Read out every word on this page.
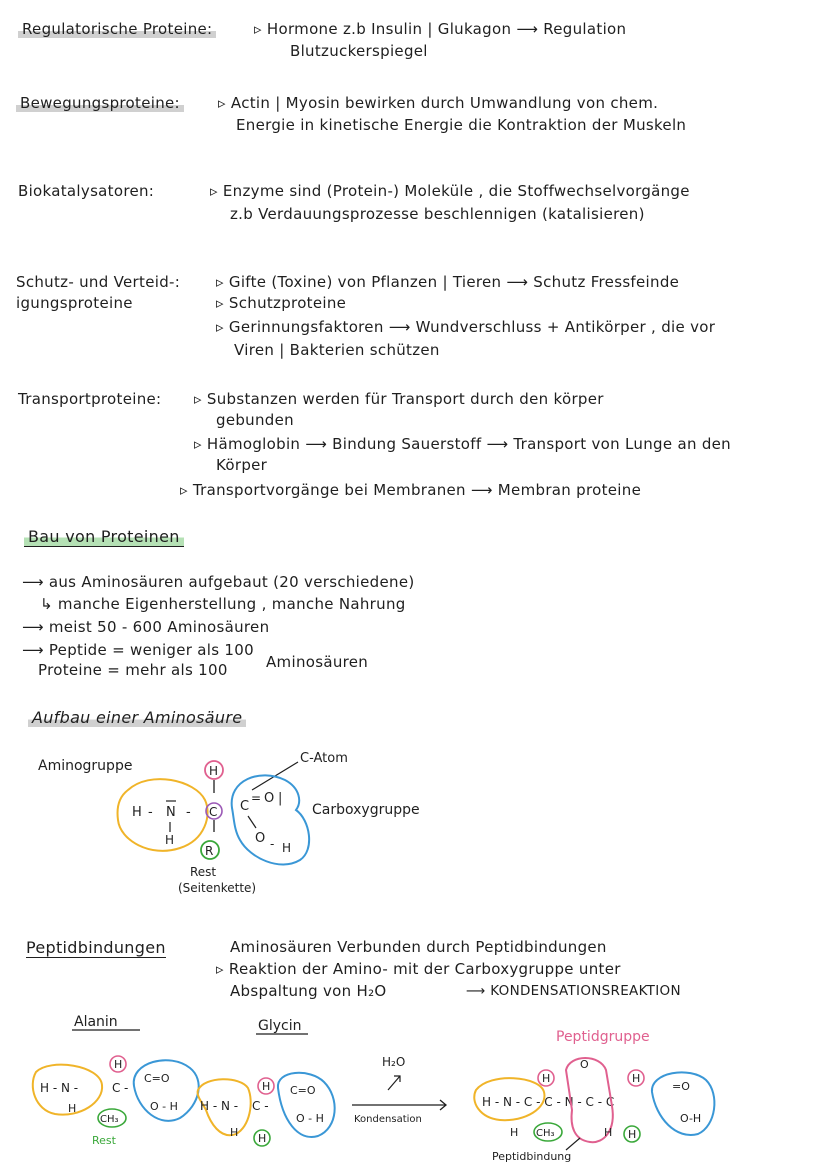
Regulatorische Proteine:	▹ Hormone z.b Insulin | Glukagon ⟶ Regulation
Blutzuckerspiegel
Bewegungsproteine:	▹ Actin | Myosin bewirken durch Umwandlung von chem.
Energie in kinetische Energie die Kontraktion der Muskeln
Biokatalysatoren:	▹ Enzyme sind (Protein-) Moleküle , die Stoffwechselvorgänge
z.b Verdauungsprozesse beschlennigen (katalisieren)
Schutz- und Verteid-:
igungsproteine
▹ Gifte (Toxine) von Pflanzen | Tieren ⟶ Schutz Fressfeinde
▹ Schutzproteine
▹ Gerinnungsfaktoren ⟶ Wundverschluss + Antikörper , die vor
Viren | Bakterien schützen
Transportproteine: ▹ Substanzen werden für Transport durch den körper
gebunden
▹ Hämoglobin ⟶ Bindung Sauerstoff ⟶ Transport von Lunge an den
Körper
▹ Transportvorgänge bei Membranen ⟶ Membran proteine
Bau von Proteinen
⟶ aus Aminosäuren aufgebaut (20 verschiedene)
↳ manche Eigenherstellung , manche Nahrung
⟶ meist 50 - 600 Aminosäuren
⟶ Peptide = weniger als 100
Proteine = mehr als 100	Aminosäuren
Aufbau einer Aminosäure
Aminogruppe	C-Atom
Carboxygruppe
H
H - N -
H
C C
= O |
O - H
R
Rest
(Seitenkette)
Peptidbindungen	Aminosäuren Verbunden durch Peptidbindungen
▹ Reaktion der Amino- mit der Carboxygruppe unter
Abspaltung von H₂O	⟶ KONDENSATIONSREAKTION
Alanin	Glycin
Peptidgruppe
H - N -
H
C -
H
CH₃
Rest
C=O
O - H H - N -
H
C -
H
H
C=O
O - H
H₂O
Kondensation
H - N - C - C - N - C - C
H CH₃
H	H
H
O
H
=O
O-H
Peptidbindung
